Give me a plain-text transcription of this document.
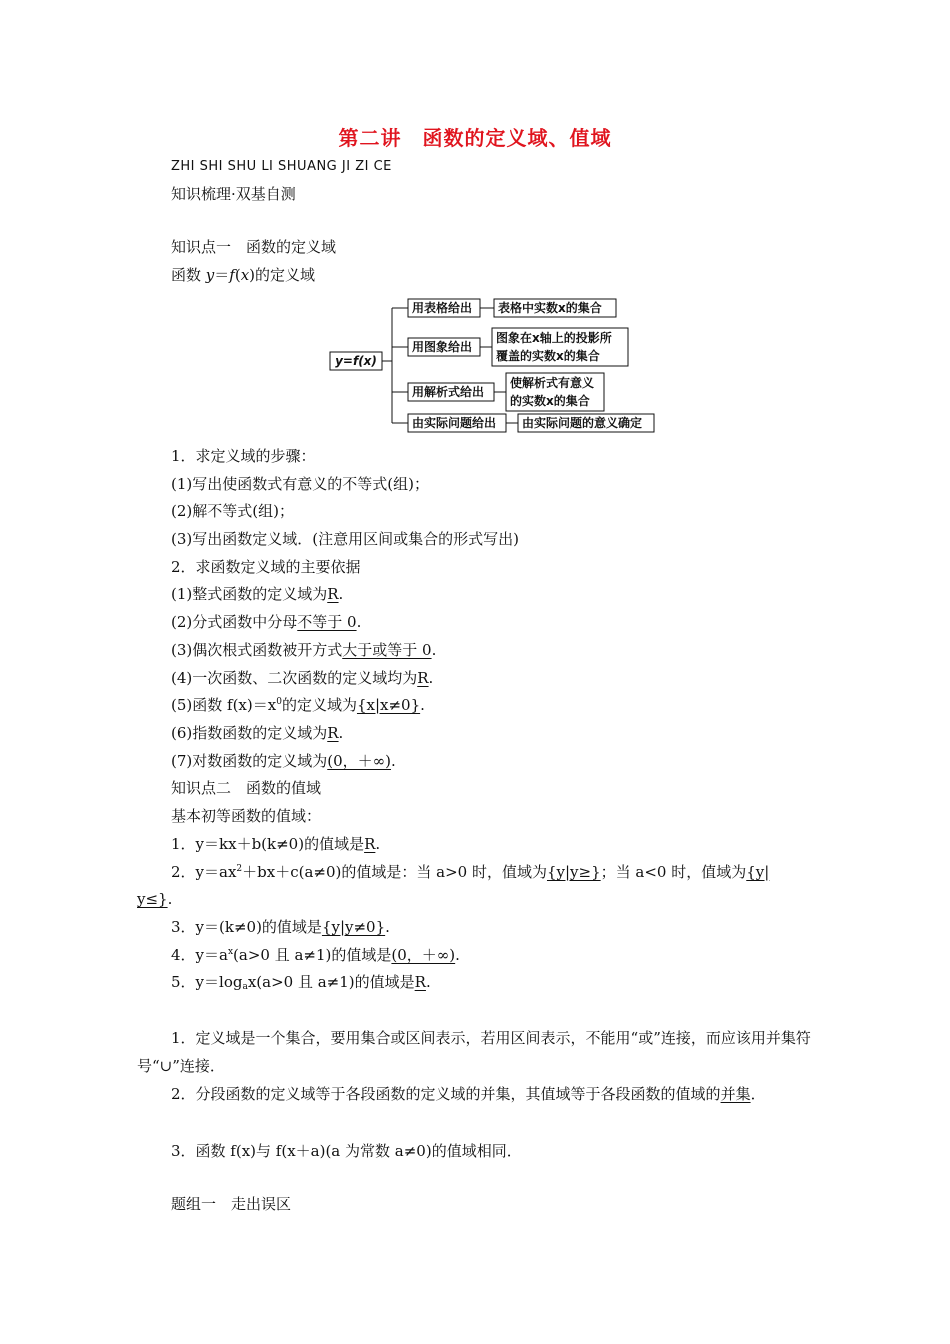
第二讲　函数的定义域、值域
ZHI SHI SHU LI SHUANG JI ZI CE
知识梳理·双基自测
知识点一　函数的定义域
函数 y＝f(x)的定义域
y=f(x)
用表格给出
用图象给出
用解析式给出
由实际问题给出
表格中实数x的集合
图象在x轴上的投影所
覆盖的实数x的集合
使解析式有意义
的实数x的集合
由实际问题的意义确定
1．求定义域的步骤：
(1)写出使函数式有意义的不等式(组)；
(2)解不等式(组)；
(3)写出函数定义域．(注意用区间或集合的形式写出)
2．求函数定义域的主要依据
(1)整式函数的定义域为R.
(2)分式函数中分母不等于 0.
(3)偶次根式函数被开方式大于或等于 0.
(4)一次函数、二次函数的定义域均为R.
(5)函数 $f(x)=x^0$的定义域为{x|x≠0}.
(6)指数函数的定义域为R.
(7)对数函数的定义域为(0，＋∞).
知识点二　函数的值域
基本初等函数的值域：
1．y＝kx＋b(k≠0)的值域是R.
2．$y=ax^2+bx+c(a\ne 0)$的值域是：当 a>0 时，值域为{y|y≥}；当 a<0 时，值域为{y|
y≤}.
3．y＝(k≠0)的值域是{y|y≠0}.
4．$y=a^x(a>0$ 且 a≠1)的值域是(0，＋∞).
5．$y=\log_ax(a>0$ 且 a≠1)的值域是R.
1．定义域是一个集合，要用集合或区间表示，若用区间表示，不能用“或”连接，而应该用并集符号“∪”连接．
2．分段函数的定义域等于各段函数的定义域的并集，其值域等于各段函数的值域的并集．
3．函数 f(x)与 f(x＋a)(a 为常数 a≠0)的值域相同．
题组一　走出误区
